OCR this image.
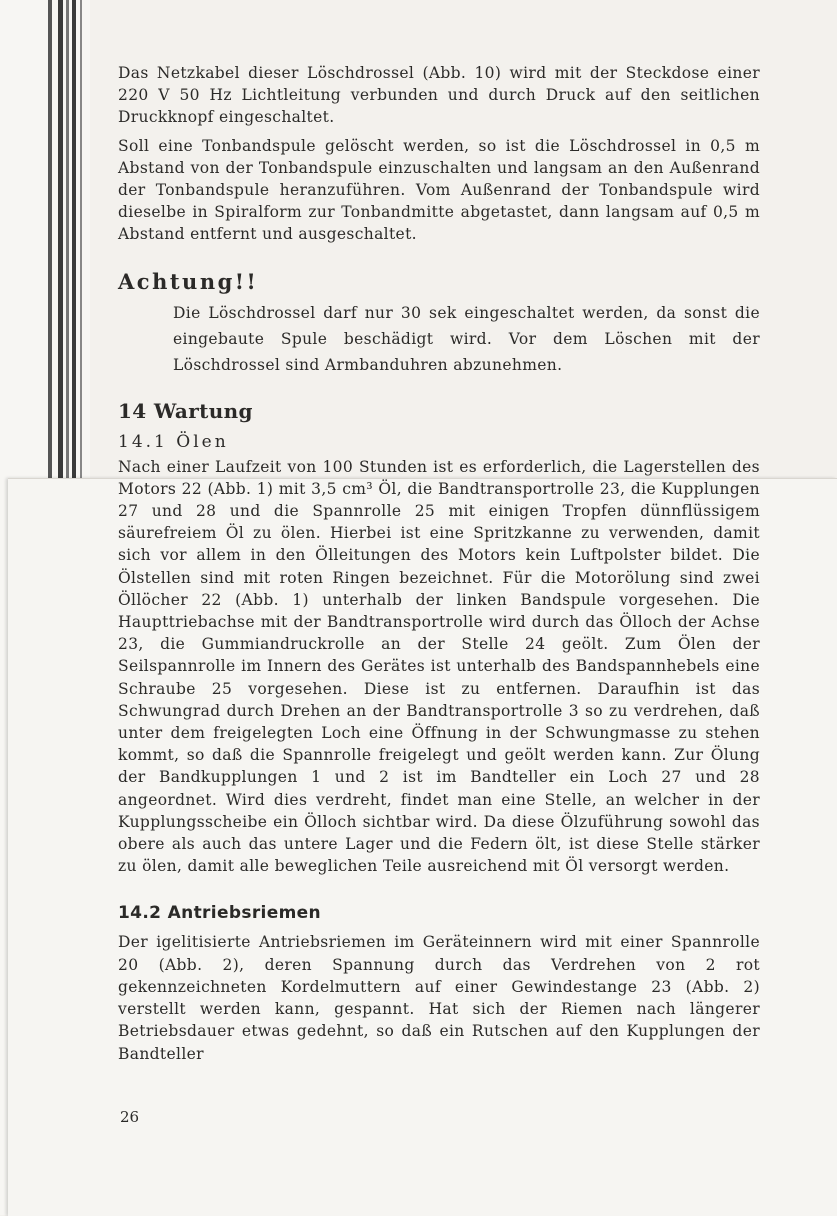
Das Netzkabel dieser Löschdrossel (Abb. 10) wird mit der Steckdose einer 220 V 50 Hz Lichtleitung verbunden und durch Druck auf den seitlichen Druckknopf eingeschaltet.

Soll eine Tonbandspule gelöscht werden, so ist die Löschdrossel in 0,5 m Abstand von der Tonbandspule einzuschalten und langsam an den Außenrand der Tonbandspule heranzuführen. Vom Außenrand der Tonbandspule wird dieselbe in Spiralform zur Tonbandmitte abgetastet, dann langsam auf 0,5 m Abstand entfernt und ausgeschaltet.

Achtung!!

Die Löschdrossel darf nur 30 sek eingeschaltet werden, da sonst die eingebaute Spule beschädigt wird. Vor dem Löschen mit der Löschdrossel sind Armbanduhren abzunehmen.

14 Wartung
14.1 Ölen

Nach einer Laufzeit von 100 Stunden ist es erforderlich, die Lagerstellen des Motors 22 (Abb. 1) mit 3,5 cm³ Öl, die Bandtransportrolle 23, die Kupplungen 27 und 28 und die Spannrolle 25 mit einigen Tropfen dünnflüssigem säurefreiem Öl zu ölen. Hierbei ist eine Spritzkanne zu verwenden, damit sich vor allem in den Ölleitungen des Motors kein Luftpolster bildet. Die Ölstellen sind mit roten Ringen bezeichnet. Für die Motorölung sind zwei Öllöcher 22 (Abb. 1) unterhalb der linken Bandspule vorgesehen. Die Haupttriebachse mit der Bandtransportrolle wird durch das Ölloch der Achse 23, die Gummiandruckrolle an der Stelle 24 geölt. Zum Ölen der Seilspannrolle im Innern des Gerätes ist unterhalb des Bandspannhebels eine Schraube 25 vorgesehen. Diese ist zu entfernen. Daraufhin ist das Schwungrad durch Drehen an der Bandtransportrolle 3 so zu verdrehen, daß unter dem freigelegten Loch eine Öffnung in der Schwungmasse zu stehen kommt, so daß die Spannrolle freigelegt und geölt werden kann. Zur Ölung der Bandkupplungen 1 und 2 ist im Bandteller ein Loch 27 und 28 angeordnet. Wird dies verdreht, findet man eine Stelle, an welcher in der Kupplungsscheibe ein Ölloch sichtbar wird. Da diese Ölzuführung sowohl das obere als auch das untere Lager und die Federn ölt, ist diese Stelle stärker zu ölen, damit alle beweglichen Teile ausreichend mit Öl versorgt werden.

14.2 Antriebsriemen

Der igelitisierte Antriebsriemen im Geräteinnern wird mit einer Spannrolle 20 (Abb. 2), deren Spannung durch das Verdrehen von 2 rot gekennzeichneten Kordelmuttern auf einer Gewindestange 23 (Abb. 2) verstellt werden kann, gespannt. Hat sich der Riemen nach längerer Betriebsdauer etwas gedehnt, so daß ein Rutschen auf den Kupplungen der Bandteller

26
